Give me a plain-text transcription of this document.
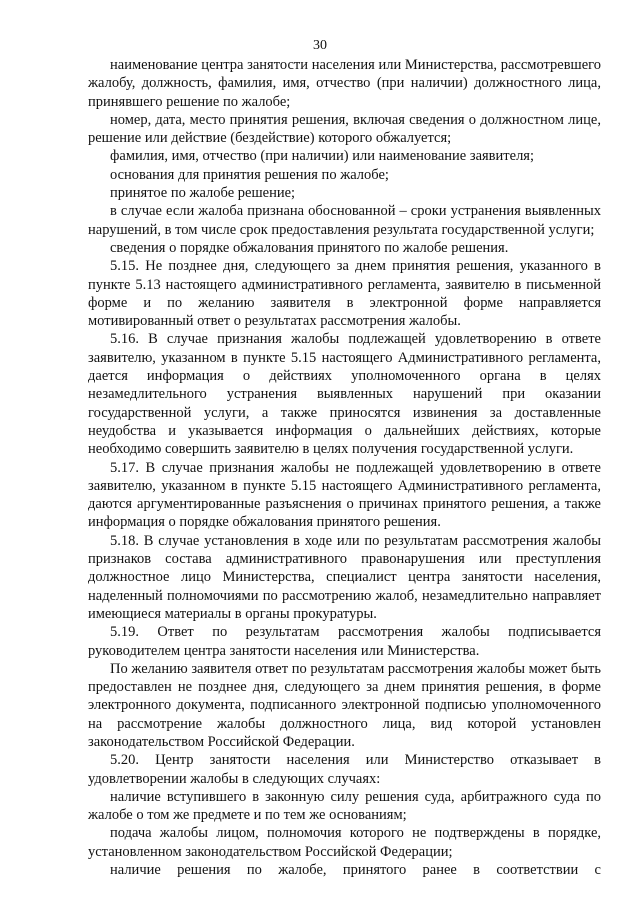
30

наименование центра занятости населения или Министерства, рассмотревшего жалобу, должность, фамилия, имя, отчество (при наличии) должностного лица, принявшего решение по жалобе;

номер, дата, место принятия решения, включая сведения о должностном лице, решение или действие (бездействие) которого обжалуется;

фамилия, имя, отчество (при наличии) или наименование заявителя;

основания для принятия решения по жалобе;

принятое по жалобе решение;

в случае если жалоба признана обоснованной – сроки устранения выявленных нарушений, в том числе срок предоставления результата государственной услуги;

сведения о порядке обжалования принятого по жалобе решения.

5.15. Не позднее дня, следующего за днем принятия решения, указанного в пункте 5.13 настоящего административного регламента, заявителю в письменной форме и по желанию заявителя в электронной форме направляется мотивированный ответ о результатах рассмотрения жалобы.

5.16. В случае признания жалобы подлежащей удовлетворению в ответе заявителю, указанном в пункте 5.15 настоящего Административного регламента, дается информация о действиях уполномоченного органа в целях незамедлительного устранения выявленных нарушений при оказании государственной услуги, а также приносятся извинения за доставленные неудобства и указывается информация о дальнейших действиях, которые необходимо совершить заявителю в целях получения государственной услуги.

5.17. В случае признания жалобы не подлежащей удовлетворению в ответе заявителю, указанном в пункте 5.15 настоящего Административного регламента, даются аргументированные разъяснения о причинах принятого решения, а также информация о порядке обжалования принятого решения.

5.18. В случае установления в ходе или по результатам рассмотрения жалобы признаков состава административного правонарушения или преступления должностное лицо Министерства, специалист центра занятости населения, наделенный полномочиями по рассмотрению жалоб, незамедлительно направляет имеющиеся материалы в органы прокуратуры.

5.19. Ответ по результатам рассмотрения жалобы подписывается руководителем центра занятости населения или Министерства.

По желанию заявителя ответ по результатам рассмотрения жалобы может быть предоставлен не позднее дня, следующего за днем принятия решения, в форме электронного документа, подписанного электронной подписью уполномоченного на рассмотрение жалобы должностного лица, вид которой установлен законодательством Российской Федерации.

5.20. Центр занятости населения или Министерство отказывает в удовлетворении жалобы в следующих случаях:

наличие вступившего в законную силу решения суда, арбитражного суда по жалобе о том же предмете и по тем же основаниям;

подача жалобы лицом, полномочия которого не подтверждены в порядке, установленном законодательством Российской Федерации;

наличие решения по жалобе, принятого ранее в соответствии с
